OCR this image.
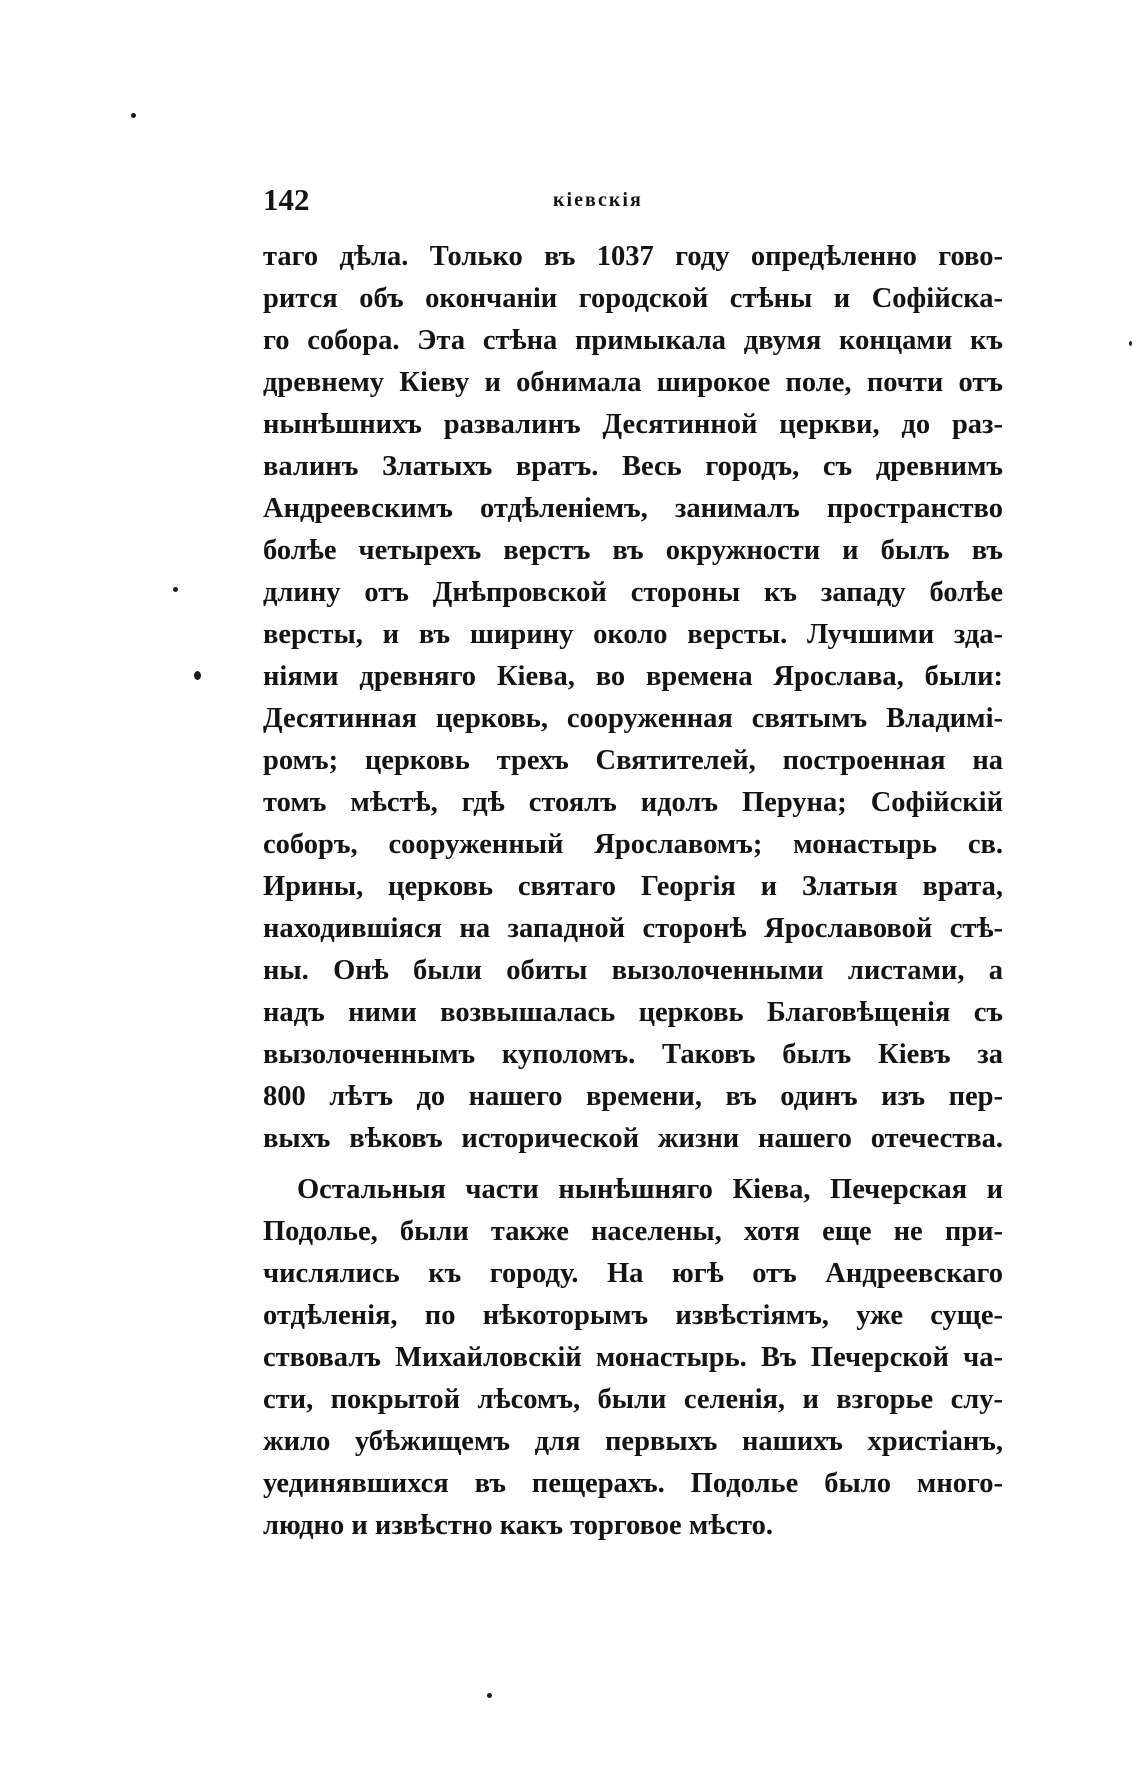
142	кіевскія
таго дѣла. Только въ 1037 году опредѣленно гово-
рится объ окончаніи городской стѣны и Софійска-
го собора. Эта стѣна примыкала двумя концами къ
древнему Кіеву и обнимала широкое поле, почти отъ
нынѣшнихъ развалинъ Десятинной церкви, до раз-
валинъ Златыхъ вратъ. Весь городъ, съ древнимъ
Андреевскимъ отдѣленіемъ, занималъ пространство
болѣе четырехъ верстъ въ окружности и былъ въ
длину отъ Днѣпровской стороны къ западу болѣе
версты, и въ ширину около версты. Лучшими зда-
ніями древняго Кіева, во времена Ярослава, были:
Десятинная церковь, сооруженная святымъ Владимі-
ромъ; церковь трехъ Святителей, построенная на
томъ мѣстѣ, гдѣ стоялъ идолъ Перуна; Софійскій
соборъ, сооруженный Ярославомъ; монастырь св.
Ирины, церковь святаго Георгія и Златыя врата,
находившіяся на западной сторонѣ Ярославовой стѣ-
ны. Онѣ были обиты вызолоченными листами, а
надъ ними возвышалась церковь Благовѣщенія съ
вызолоченнымъ куполомъ. Таковъ былъ Кіевъ за
800 лѣтъ до нашего времени, въ одинъ изъ пер-
выхъ вѣковъ исторической жизни нашего отечества.
Остальныя части нынѣшняго Кіева, Печерская и
Подолье, были также населены, хотя еще не при-
числялись къ городу. На югѣ отъ Андреевскаго
отдѣленія, по нѣкоторымъ извѣстіямъ, уже суще-
ствовалъ Михайловскій монастырь. Въ Печерской ча-
сти, покрытой лѣсомъ, были селенія, и взгорье слу-
жило убѣжищемъ для первыхъ нашихъ христіанъ,
уединявшихся въ пещерахъ. Подолье было много-
людно и извѣстно какъ торговое мѣсто.
